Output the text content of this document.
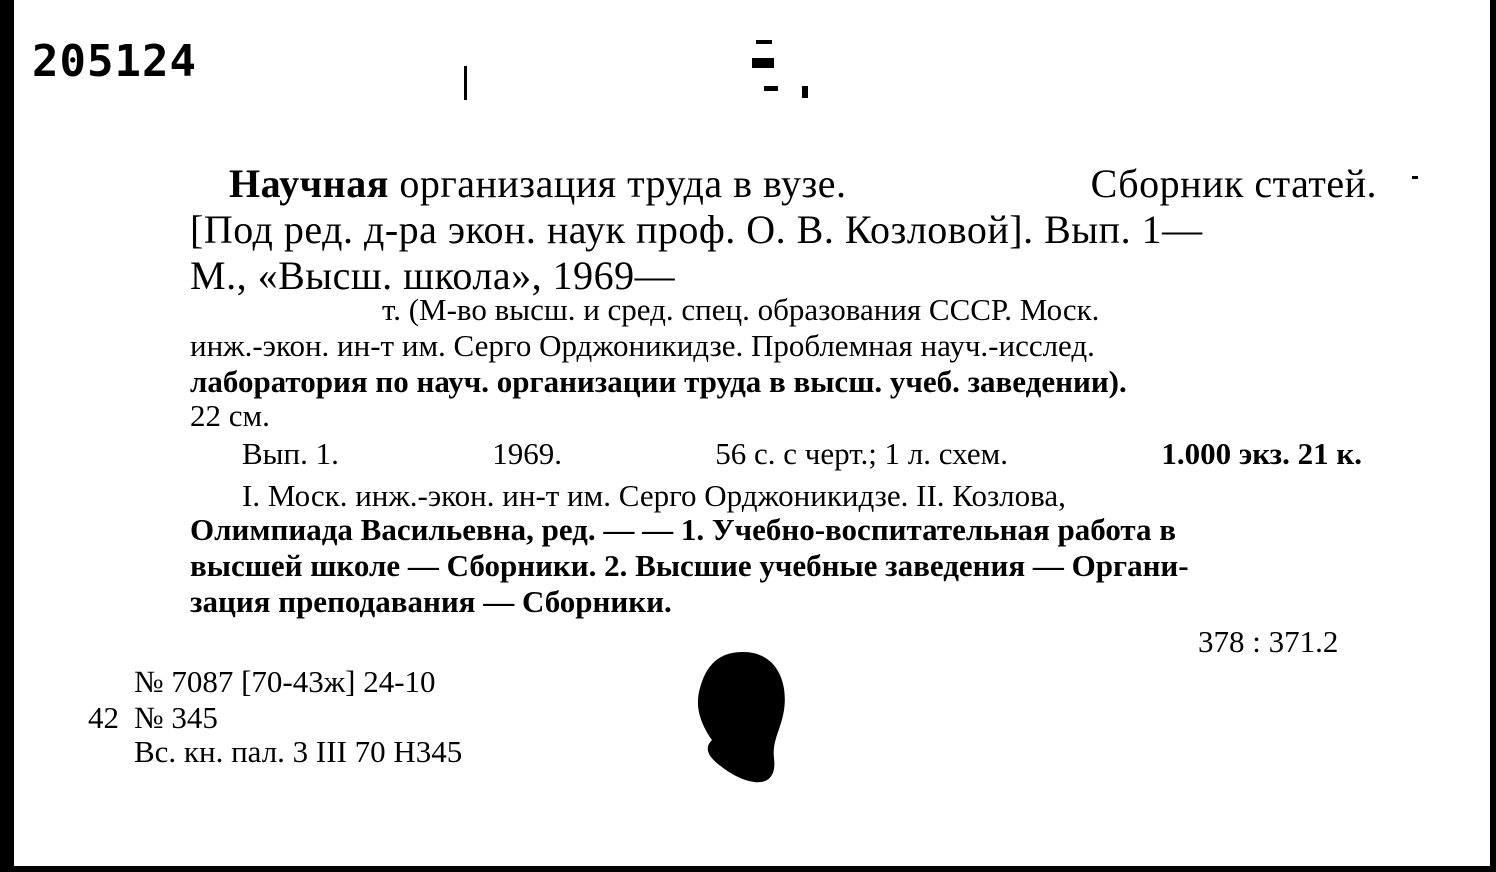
205124
Научная организация труда в вузе.	Сборник статей.
[Под ред. д-ра экон. наук проф. О. В. Козловой]. Вып. 1—
М., «Высш. школа», 1969—
т. (М-во высш. и сред. спец. образования СССР. Моск.
инж.-экон. ин-т им. Серго Орджоникидзе. Проблемная науч.-исслед.
лаборатория по науч. организации труда в высш. учеб. заведении).
22 см.
Вып. 1.	1969.	56 с. с черт.; 1 л. схем.	1.000 экз. 21 к.
I. Моск. инж.-экон. ин-т им. Серго Орджоникидзе. II. Козлова,
Олимпиада Васильевна, ред. — — 1. Учебно-воспитательная работа в
высшей школе — Сборники. 2. Высшие учебные заведения — Органи-
зация преподавания — Сборники.
378 : 371.2
№ 7087 [70-43ж] 24-10
42 № 345
Вс. кн. пал. 3 III 70 Н345
